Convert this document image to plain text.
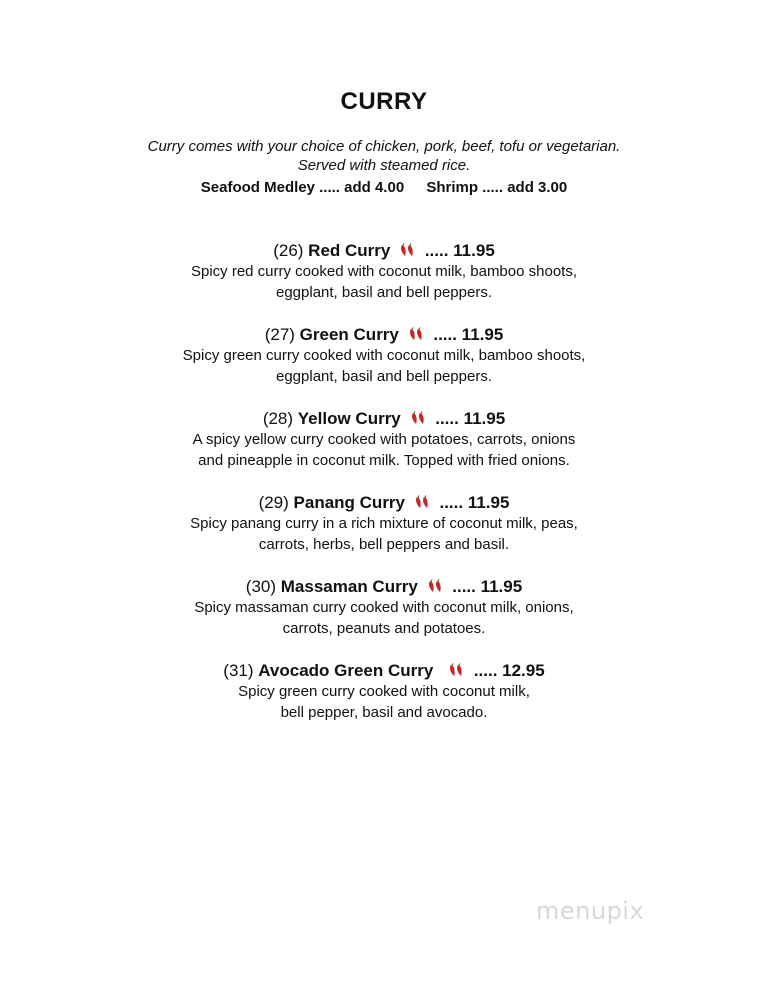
CURRY
Curry comes with your choice of chicken, pork, beef, tofu or vegetarian.
Served with steamed rice.
Seafood Medley ..... add 4.00 Shrimp ..... add 3.00
(26) Red Curry ..... 11.95
Spicy red curry cooked with coconut milk, bamboo shoots,
eggplant, basil and bell peppers.
(27) Green Curry ..... 11.95
Spicy green curry cooked with coconut milk, bamboo shoots,
eggplant, basil and bell peppers.
(28) Yellow Curry ..... 11.95
A spicy yellow curry cooked with potatoes, carrots, onions
and pineapple in coconut milk. Topped with fried onions.
(29) Panang Curry ..... 11.95
Spicy panang curry in a rich mixture of coconut milk, peas,
carrots, herbs, bell peppers and basil.
(30) Massaman Curry ..... 11.95
Spicy massaman curry cooked with coconut milk, onions,
carrots, peanuts and potatoes.
(31) Avocado Green Curry ..... 12.95
Spicy green curry cooked with coconut milk,
bell pepper, basil and avocado.
menupix
